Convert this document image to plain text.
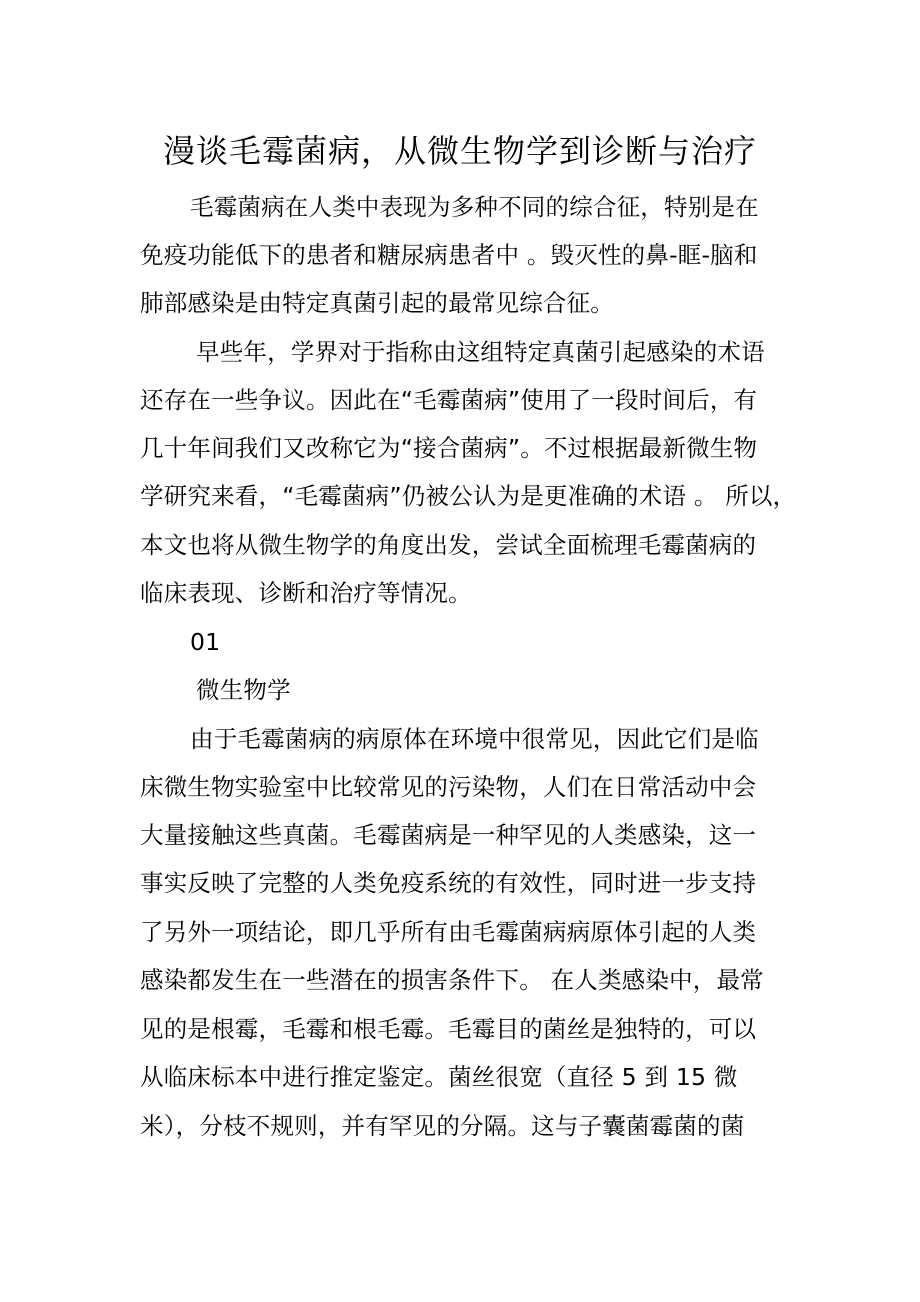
漫谈毛霉菌病，从微生物学到诊断与治疗
毛霉菌病在人类中表现为多种不同的综合征，特别是在
免疫功能低下的患者和糖尿病患者中 。毁灭性的鼻-眶-脑和
肺部感染是由特定真菌引起的最常见综合征。
早些年，学界对于指称由这组特定真菌引起感染的术语
还存在一些争议。因此在“毛霉菌病”使用了一段时间后，有
几十年间我们又改称它为“接合菌病”。不过根据最新微生物
学研究来看，“毛霉菌病”仍被公认为是更准确的术语 。 所以，
本文也将从微生物学的角度出发，尝试全面梳理毛霉菌病的
临床表现、诊断和治疗等情况。
01
微生物学
由于毛霉菌病的病原体在环境中很常见，因此它们是临
床微生物实验室中比较常见的污染物，人们在日常活动中会
大量接触这些真菌。毛霉菌病是一种罕见的人类感染，这一
事实反映了完整的人类免疫系统的有效性，同时进一步支持
了另外一项结论，即几乎所有由毛霉菌病病原体引起的人类
感染都发生在一些潜在的损害条件下。 在人类感染中，最常
见的是根霉，毛霉和根毛霉。毛霉目的菌丝是独特的，可以
从临床标本中进行推定鉴定。菌丝很宽（直径 5 到 15 微
米），分枝不规则，并有罕见的分隔。这与子囊菌霉菌的菌
